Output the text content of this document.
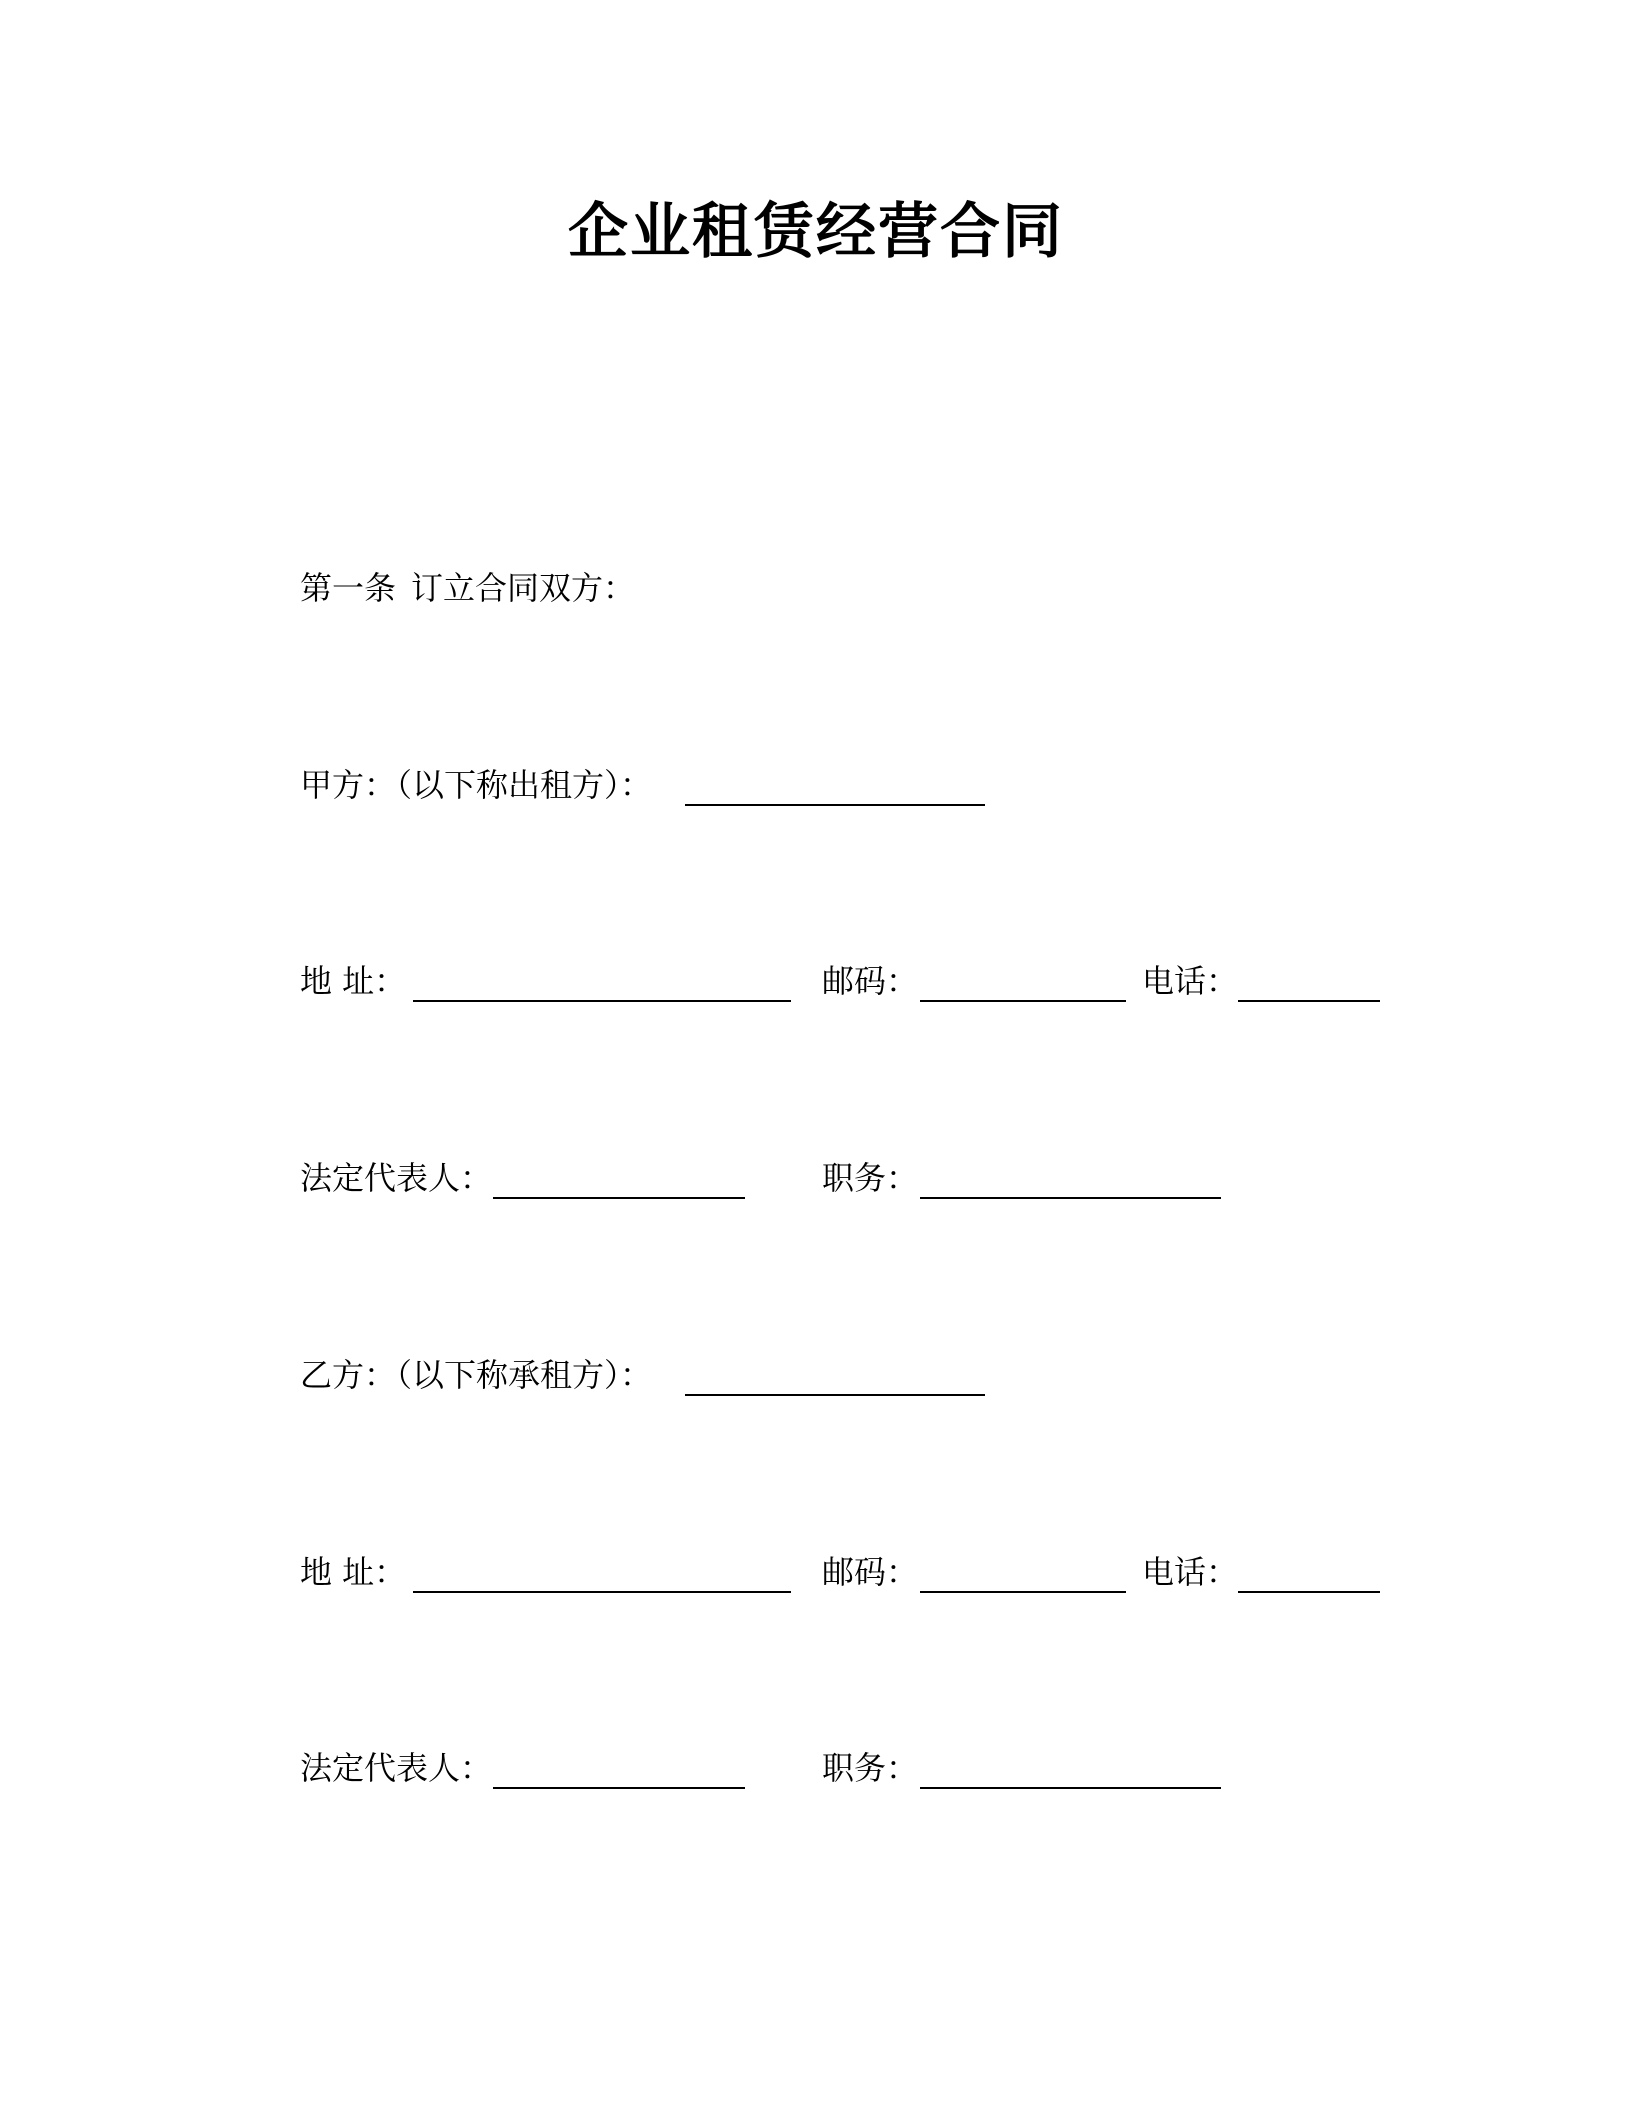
企业租赁经营合同
第一条 订立合同双方：
甲方：（以下称出租方）：
地 址：	邮码：	电话：
法定代表人：	职务：
乙方：（以下称承租方）：
地 址：	邮码：	电话：
法定代表人：	职务：
